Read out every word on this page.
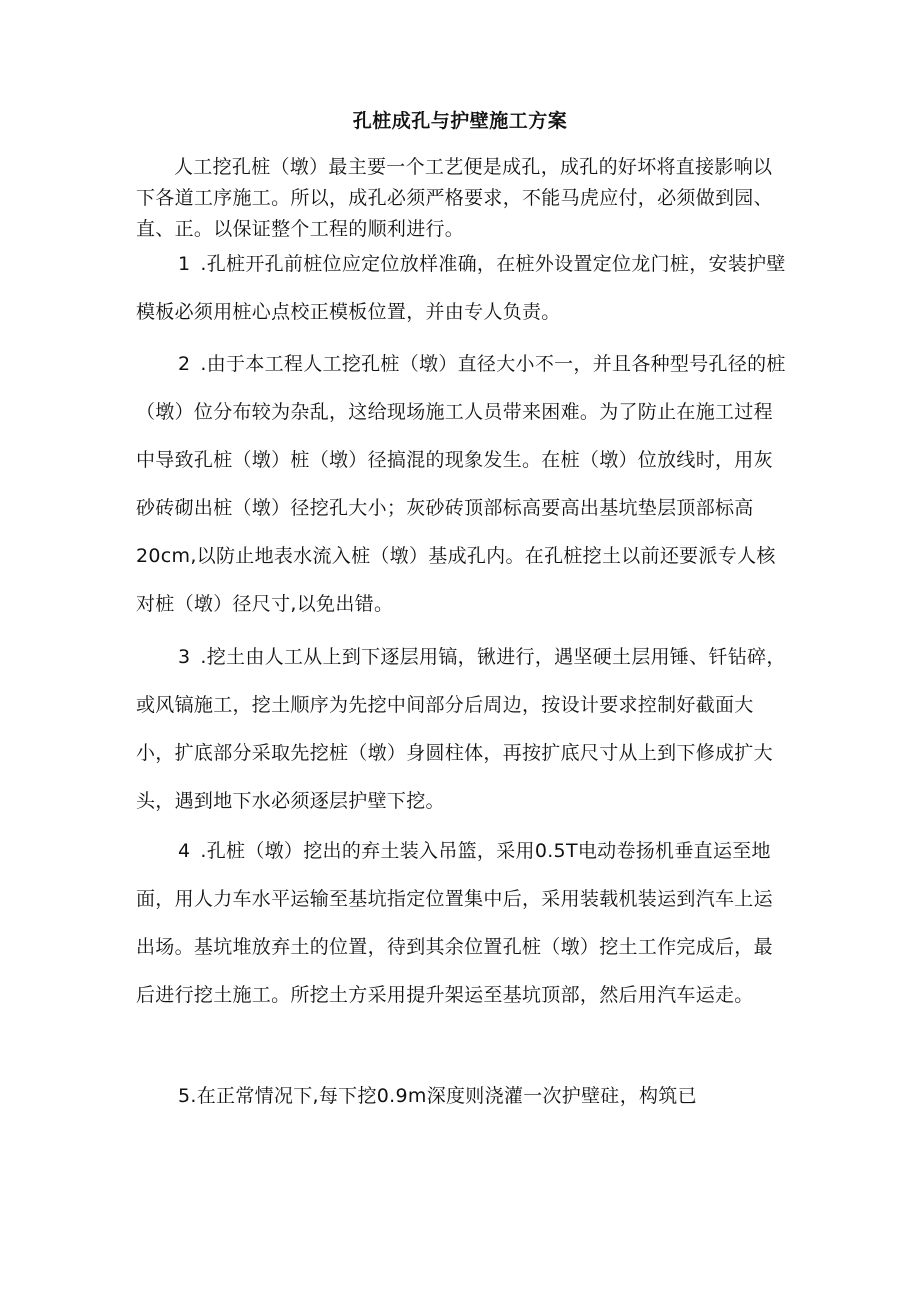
孔桩成孔与护壁施工方案

人工挖孔桩（墩）最主要一个工艺便是成孔，成孔的好坏将直接影响以下各道工序施工。所以，成孔必须严格要求，不能马虎应付，必须做到园、直、正。以保证整个工程的顺利进行。

1 .孔桩开孔前桩位应定位放样准确，在桩外设置定位龙门桩，安装护壁模板必须用桩心点校正模板位置，并由专人负责。

2 .由于本工程人工挖孔桩（墩）直径大小不一，并且各种型号孔径的桩（墩）位分布较为杂乱，这给现场施工人员带来困难。为了防止在施工过程中导致孔桩（墩）桩（墩）径搞混的现象发生。在桩（墩）位放线时，用灰砂砖砌出桩（墩）径挖孔大小；灰砂砖顶部标高要高出基坑垫层顶部标高20cm,以防止地表水流入桩（墩）基成孔内。在孔桩挖土以前还要派专人核对桩（墩）径尺寸,以免出错。

3 .挖土由人工从上到下逐层用镐，锹进行，遇坚硬土层用锤、钎钻碎，或风镐施工，挖土顺序为先挖中间部分后周边，按设计要求控制好截面大小，扩底部分采取先挖桩（墩）身圆柱体，再按扩底尺寸从上到下修成扩大头，遇到地下水必须逐层护壁下挖。

4 .孔桩（墩）挖出的弃土装入吊篮，采用0.5T电动卷扬机垂直运至地面，用人力车水平运输至基坑指定位置集中后，采用装载机装运到汽车上运出场。基坑堆放弃土的位置，待到其余位置孔桩（墩）挖土工作完成后，最后进行挖土施工。所挖土方采用提升架运至基坑顶部，然后用汽车运走。

5.在正常情况下,每下挖0.9m深度则浇灌一次护壁砫，构筑已
